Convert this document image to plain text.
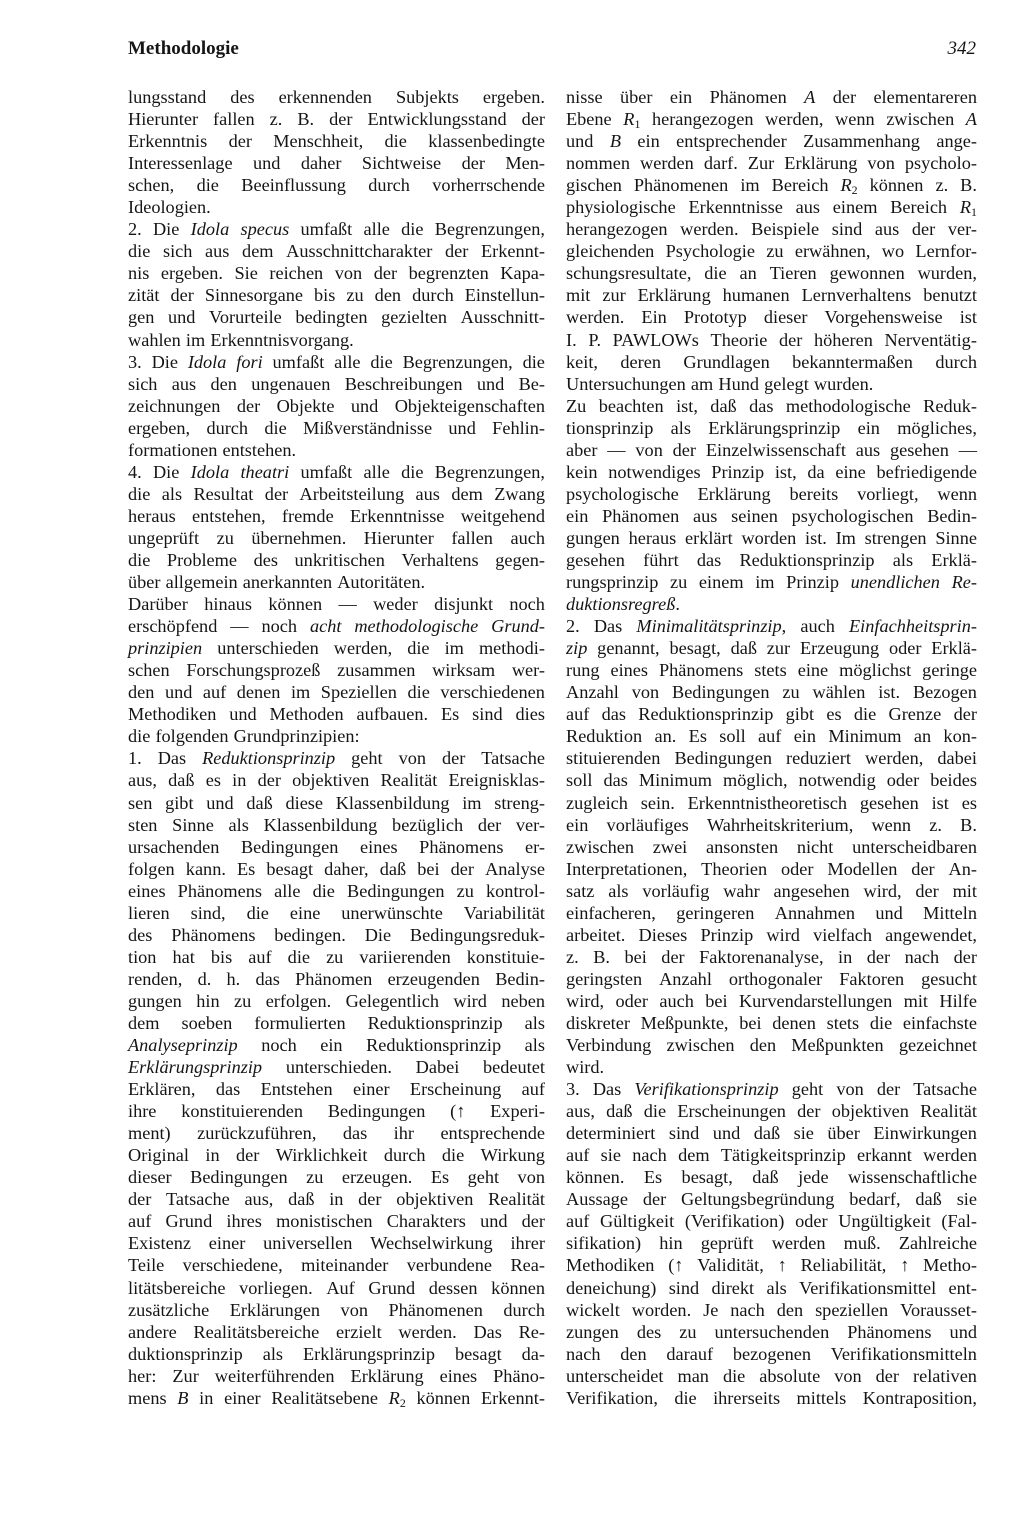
Methodologie	342
lungsstand des erkennenden Subjekts ergeben.
Hierunter fallen z. B. der Entwicklungsstand der
Erkenntnis der Menschheit, die klassenbedingte
Interessenlage und daher Sichtweise der Men-
schen, die Beeinflussung durch vorherrschende
Ideologien.
2. Die Idola specus umfaßt alle die Begrenzungen,
die sich aus dem Ausschnittcharakter der Erkennt-
nis ergeben. Sie reichen von der begrenzten Kapa-
zität der Sinnesorgane bis zu den durch Einstellun-
gen und Vorurteile bedingten gezielten Ausschnitt-
wahlen im Erkenntnisvorgang.
3. Die Idola fori umfaßt alle die Begrenzungen, die
sich aus den ungenauen Beschreibungen und Be-
zeichnungen der Objekte und Objekteigenschaften
ergeben, durch die Mißverständnisse und Fehlin-
formationen entstehen.
4. Die Idola theatri umfaßt alle die Begrenzungen,
die als Resultat der Arbeitsteilung aus dem Zwang
heraus entstehen, fremde Erkenntnisse weitgehend
ungeprüft zu übernehmen. Hierunter fallen auch
die Probleme des unkritischen Verhaltens gegen-
über allgemein anerkannten Autoritäten.
Darüber hinaus können — weder disjunkt noch
erschöpfend — noch acht methodologische Grund-
prinzipien unterschieden werden, die im methodi-
schen Forschungsprozeß zusammen wirksam wer-
den und auf denen im Speziellen die verschiedenen
Methodiken und Methoden aufbauen. Es sind dies
die folgenden Grundprinzipien:
1. Das Reduktionsprinzip geht von der Tatsache
aus, daß es in der objektiven Realität Ereignisklas-
sen gibt und daß diese Klassenbildung im streng-
sten Sinne als Klassenbildung bezüglich der ver-
ursachenden Bedingungen eines Phänomens er-
folgen kann. Es besagt daher, daß bei der Analyse
eines Phänomens alle die Bedingungen zu kontrol-
lieren sind, die eine unerwünschte Variabilität
des Phänomens bedingen. Die Bedingungsreduk-
tion hat bis auf die zu variierenden konstituie-
renden, d. h. das Phänomen erzeugenden Bedin-
gungen hin zu erfolgen. Gelegentlich wird neben
dem soeben formulierten Reduktionsprinzip als
Analyseprinzip noch ein Reduktionsprinzip als
Erklärungsprinzip unterschieden. Dabei bedeutet
Erklären, das Entstehen einer Erscheinung auf
ihre konstituierenden Bedingungen (↑ Experi-
ment) zurückzuführen, das ihr entsprechende
Original in der Wirklichkeit durch die Wirkung
dieser Bedingungen zu erzeugen. Es geht von
der Tatsache aus, daß in der objektiven Realität
auf Grund ihres monistischen Charakters und der
Existenz einer universellen Wechselwirkung ihrer
Teile verschiedene, miteinander verbundene Rea-
litätsbereiche vorliegen. Auf Grund dessen können
zusätzliche Erklärungen von Phänomenen durch
andere Realitätsbereiche erzielt werden. Das Re-
duktionsprinzip als Erklärungsprinzip besagt da-
her: Zur weiterführenden Erklärung eines Phäno-
mens B in einer Realitätsebene $R_2$ können Erkennt-
nisse über ein Phänomen A der elementareren
Ebene $R_1$ herangezogen werden, wenn zwischen A
und B ein entsprechender Zusammenhang ange-
nommen werden darf. Zur Erklärung von psycholo-
gischen Phänomenen im Bereich $R_2$ können z. B.
physiologische Erkenntnisse aus einem Bereich $R_1$
herangezogen werden. Beispiele sind aus der ver-
gleichenden Psychologie zu erwähnen, wo Lernfor-
schungsresultate, die an Tieren gewonnen wurden,
mit zur Erklärung humanen Lernverhaltens benutzt
werden. Ein Prototyp dieser Vorgehensweise ist
I. P. PAWLOWs Theorie der höheren Nerventätig-
keit, deren Grundlagen bekanntermaßen durch
Untersuchungen am Hund gelegt wurden.
Zu beachten ist, daß das methodologische Reduk-
tionsprinzip als Erklärungsprinzip ein mögliches,
aber — von der Einzelwissenschaft aus gesehen —
kein notwendiges Prinzip ist, da eine befriedigende
psychologische Erklärung bereits vorliegt, wenn
ein Phänomen aus seinen psychologischen Bedin-
gungen heraus erklärt worden ist. Im strengen Sinne
gesehen führt das Reduktionsprinzip als Erklä-
rungsprinzip zu einem im Prinzip unendlichen Re-
duktionsregreß.
2. Das Minimalitätsprinzip, auch Einfachheitsprin-
zip genannt, besagt, daß zur Erzeugung oder Erklä-
rung eines Phänomens stets eine möglichst geringe
Anzahl von Bedingungen zu wählen ist. Bezogen
auf das Reduktionsprinzip gibt es die Grenze der
Reduktion an. Es soll auf ein Minimum an kon-
stituierenden Bedingungen reduziert werden, dabei
soll das Minimum möglich, notwendig oder beides
zugleich sein. Erkenntnistheoretisch gesehen ist es
ein vorläufiges Wahrheitskriterium, wenn z. B.
zwischen zwei ansonsten nicht unterscheidbaren
Interpretationen, Theorien oder Modellen der An-
satz als vorläufig wahr angesehen wird, der mit
einfacheren, geringeren Annahmen und Mitteln
arbeitet. Dieses Prinzip wird vielfach angewendet,
z. B. bei der Faktorenanalyse, in der nach der
geringsten Anzahl orthogonaler Faktoren gesucht
wird, oder auch bei Kurvendarstellungen mit Hilfe
diskreter Meßpunkte, bei denen stets die einfachste
Verbindung zwischen den Meßpunkten gezeichnet
wird.
3. Das Verifikationsprinzip geht von der Tatsache
aus, daß die Erscheinungen der objektiven Realität
determiniert sind und daß sie über Einwirkungen
auf sie nach dem Tätigkeitsprinzip erkannt werden
können. Es besagt, daß jede wissenschaftliche
Aussage der Geltungsbegründung bedarf, daß sie
auf Gültigkeit (Verifikation) oder Ungültigkeit (Fal-
sifikation) hin geprüft werden muß. Zahlreiche
Methodiken (↑ Validität, ↑ Reliabilität, ↑ Metho-
deneichung) sind direkt als Verifikationsmittel ent-
wickelt worden. Je nach den speziellen Vorausset-
zungen des zu untersuchenden Phänomens und
nach den darauf bezogenen Verifikationsmitteln
unterscheidet man die absolute von der relativen
Verifikation, die ihrerseits mittels Kontraposition,
